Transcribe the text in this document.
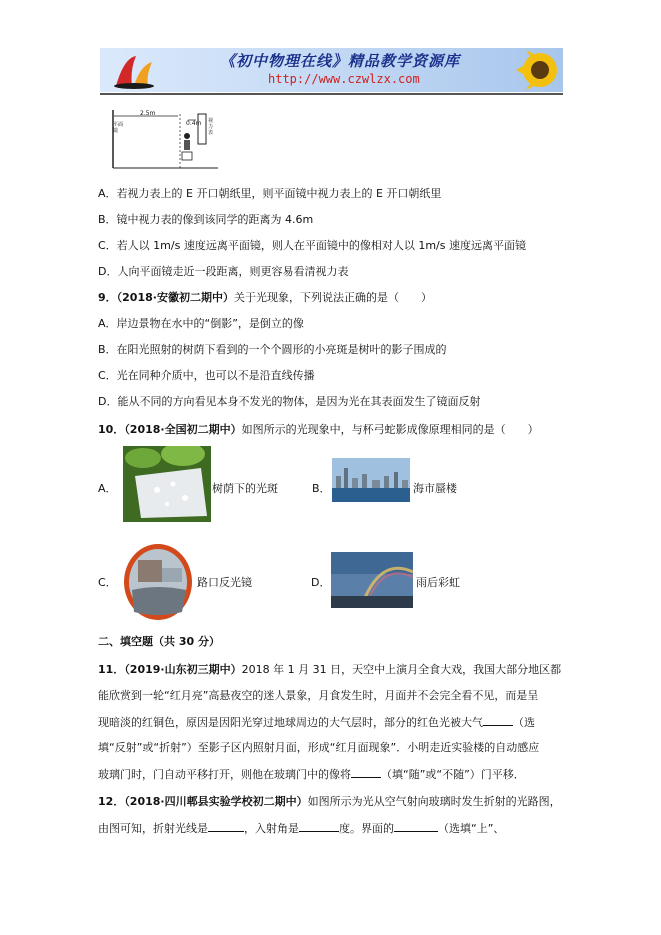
《初中物理在线》精品教学资源库
http://www.czwlzx.com
2.5m
0.4m
平面镜
视力表
A．若视力表上的 E 开口朝纸里，则平面镜中视力表上的 E 开口朝纸里
B．镜中视力表的像到该同学的距离为 4.6m
C．若人以 1m/s 速度远离平面镜，则人在平面镜中的像相对人以 1m/s 速度远离平面镜
D．人向平面镜走近一段距离，则更容易看清视力表
9．（2018·安徽初二期中）关于光现象，下列说法正确的是（　　）
A．岸边景物在水中的“倒影”，是倒立的像
B．在阳光照射的树荫下看到的一个个圆形的小亮斑是树叶的影子围成的
C．光在同种介质中，也可以不是沿直线传播
D．能从不同的方向看见本身不发光的物体，是因为光在其表面发生了镜面反射
10．（2018·全国初二期中）如图所示的光现象中，与杯弓蛇影成像原理相同的是（　　）
A．	树荫下的光斑	B．	海市蜃楼
C．	路口反光镜	D．	雨后彩虹
二、填空题（共 30 分）
11．（2019·山东初三期中）2018 年 1 月 31 日，天空中上演月全食大戏，我国大部分地区都
能欣赏到一轮“红月亮”高悬夜空的迷人景象，月食发生时，月面并不会完全看不见，而是呈
现暗淡的红铜色，原因是因阳光穿过地球周边的大气层时，部分的红色光被大气	（选
填“反射”或“折射”）至影子区内照射月面，形成“红月面现象”．小明走近实验楼的自动感应
玻璃门时，门自动平移打开，则他在玻璃门中的像将	（填“随”或“不随”）门平移．
12．（2018·四川郫县实验学校初二期中）如图所示为光从空气射向玻璃时发生折射的光路图，
由图可知，折射光线是	，入射角是	度。界面的	（选填“上”、
